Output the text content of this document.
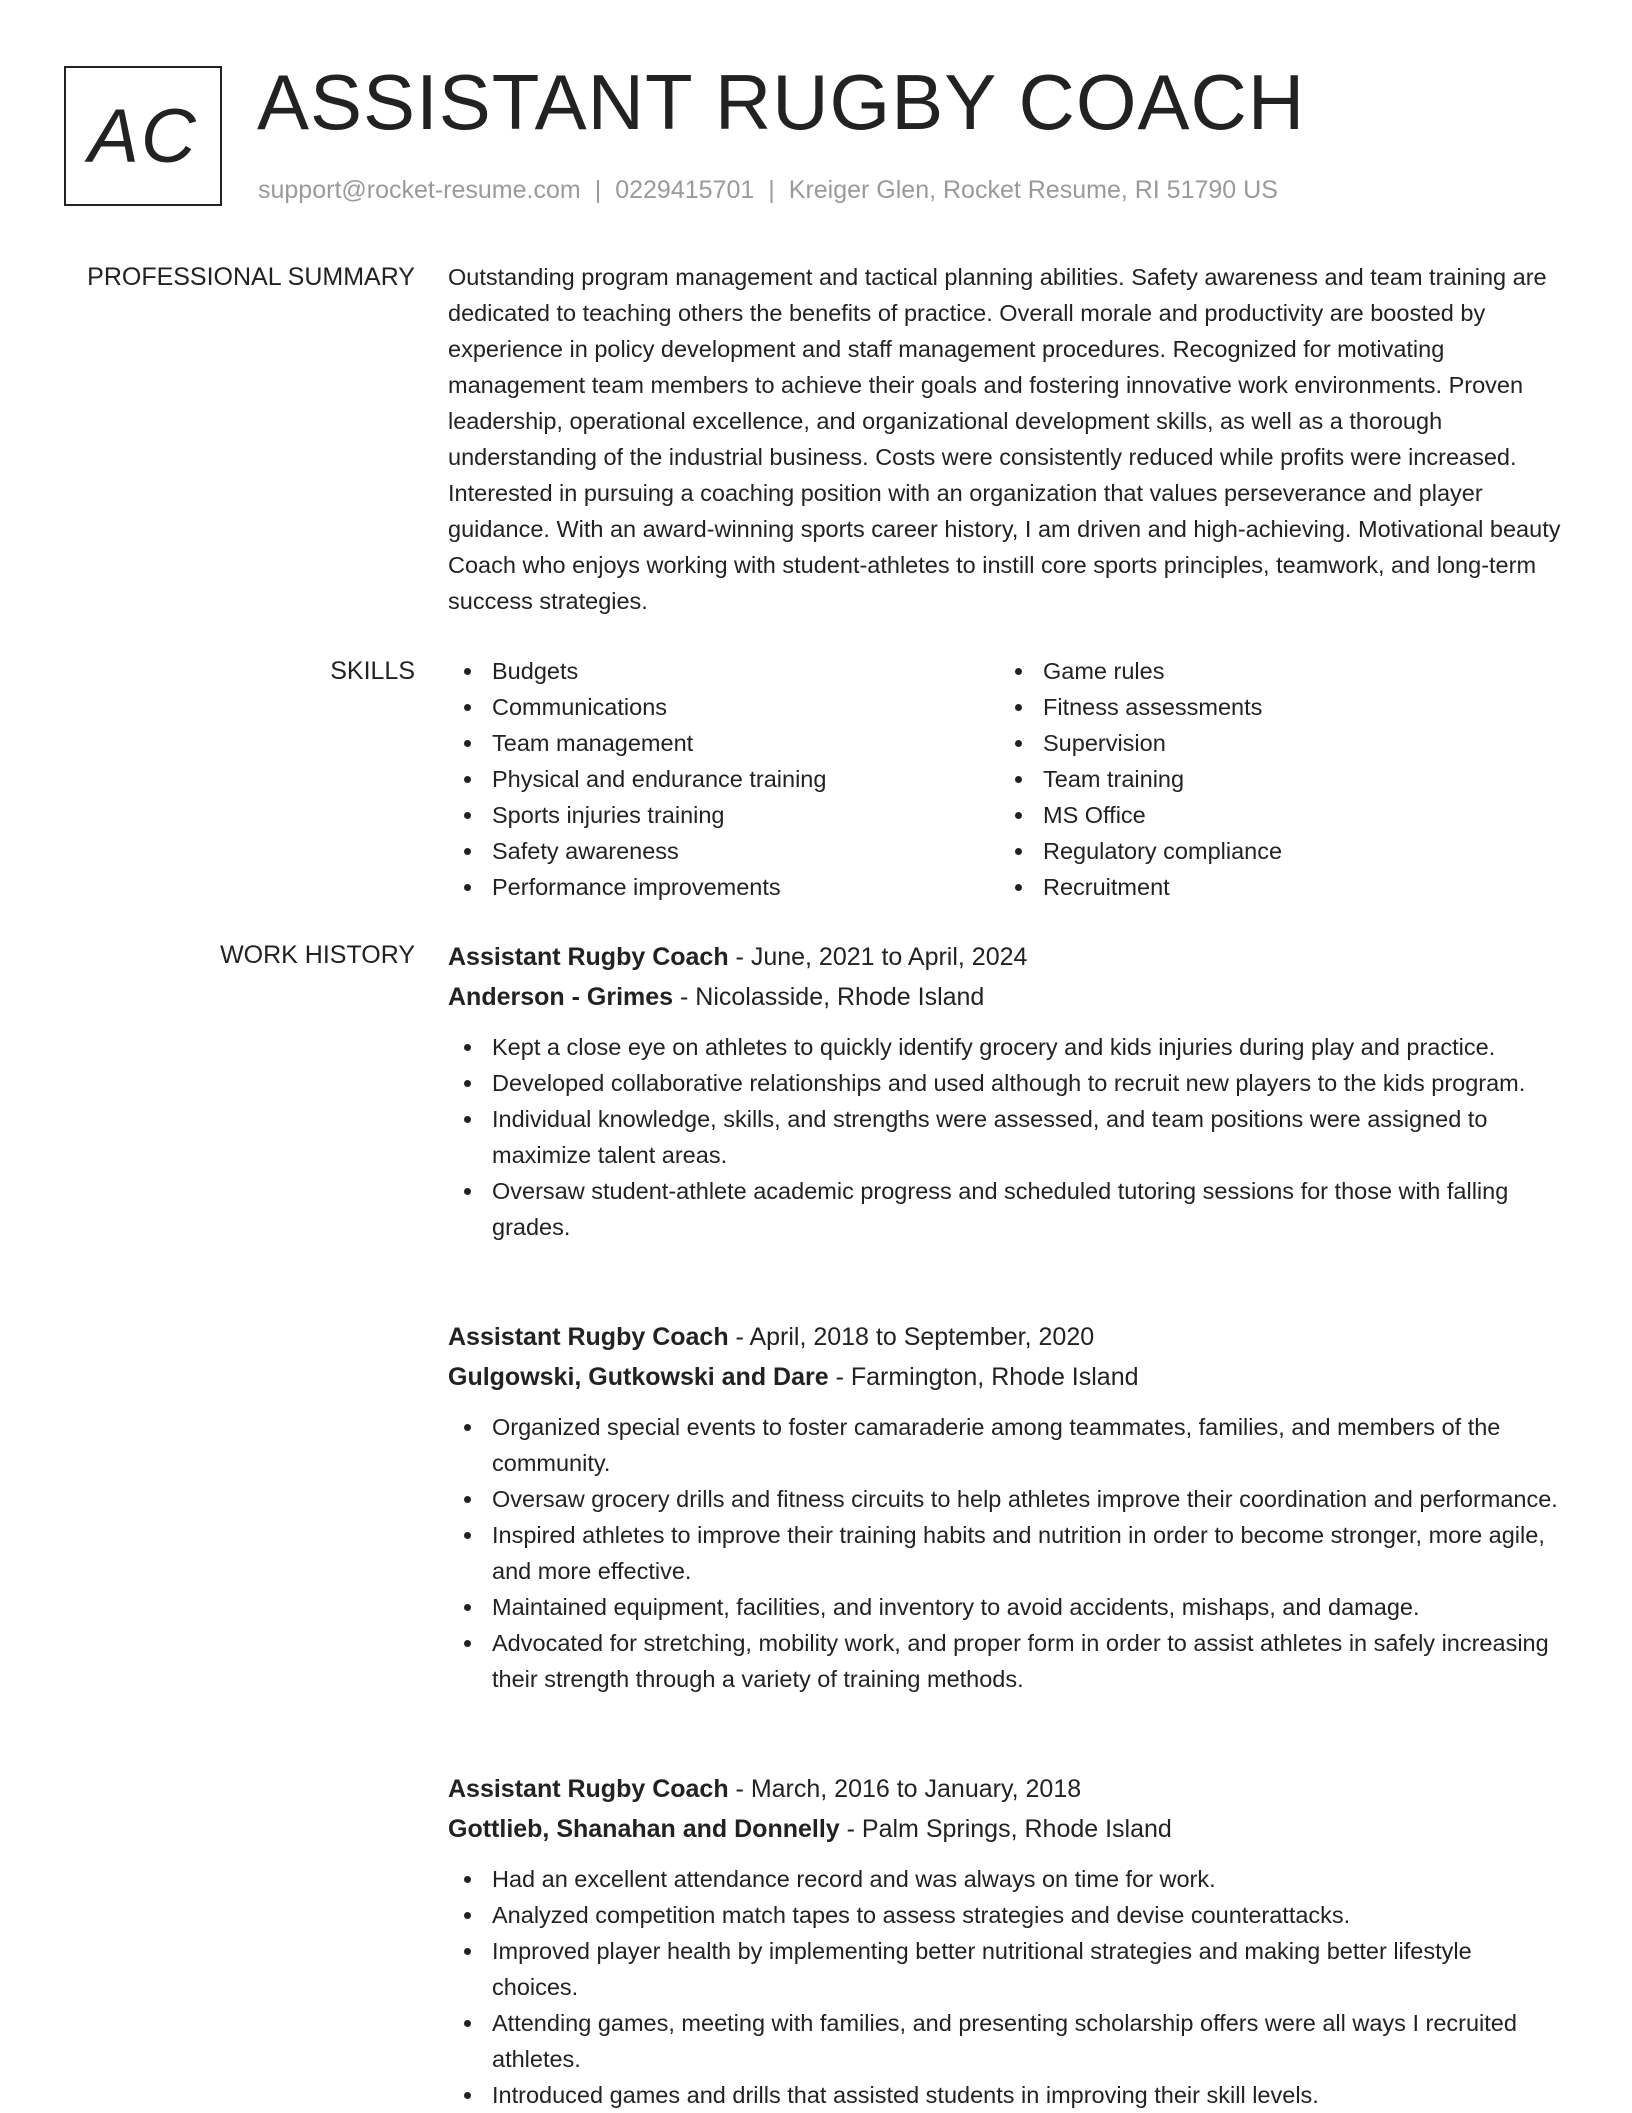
AC ASSISTANT RUGBY COACH
support@rocket-resume.com | 0229415701 | Kreiger Glen, Rocket Resume, RI 51790 US
PROFESSIONAL SUMMARY Outstanding program management and tactical planning abilities. Safety awareness and team training are dedicated to teaching others the benefits of practice. Overall morale and productivity are boosted by experience in policy development and staff management procedures. Recognized for motivating management team members to achieve their goals and fostering innovative work environments. Proven leadership, operational excellence, and organizational development skills, as well as a thorough understanding of the industrial business. Costs were consistently reduced while profits were increased. Interested in pursuing a coaching position with an organization that values perseverance and player guidance. With an award-winning sports career history, I am driven and high-achieving. Motivational beauty Coach who enjoys working with student-athletes to instill core sports principles, teamwork, and long-term success strategies.

SKILLS	Budgets
Communications
Team management
Physical and endurance training
Sports injuries training
Safety awareness
Performance improvements
Game rules
Fitness assessments
Supervision
Team training
MS Office
Regulatory compliance
Recruitment
WORK HISTORY Assistant Rugby Coach - June, 2021 to April, 2024
Anderson - Grimes - Nicolasside, Rhode Island
Kept a close eye on athletes to quickly identify grocery and kids injuries during play and practice.
Developed collaborative relationships and used although to recruit new players to the kids program.
Individual knowledge, skills, and strengths were assessed, and team positions were assigned to maximize talent areas.
Oversaw student-athlete academic progress and scheduled tutoring sessions for those with falling grades.
Assistant Rugby Coach - April, 2018 to September, 2020
Gulgowski, Gutkowski and Dare - Farmington, Rhode Island
Organized special events to foster camaraderie among teammates, families, and members of the community.
Oversaw grocery drills and fitness circuits to help athletes improve their coordination and performance.
Inspired athletes to improve their training habits and nutrition in order to become stronger, more agile, and more effective.
Maintained equipment, facilities, and inventory to avoid accidents, mishaps, and damage.
Advocated for stretching, mobility work, and proper form in order to assist athletes in safely increasing their strength through a variety of training methods.
Assistant Rugby Coach - March, 2016 to January, 2018
Gottlieb, Shanahan and Donnelly - Palm Springs, Rhode Island
Had an excellent attendance record and was always on time for work.
Analyzed competition match tapes to assess strategies and devise counterattacks.
Improved player health by implementing better nutritional strategies and making better lifestyle choices.
Attending games, meeting with families, and presenting scholarship offers were all ways I recruited athletes.
Introduced games and drills that assisted students in improving their skill levels.
